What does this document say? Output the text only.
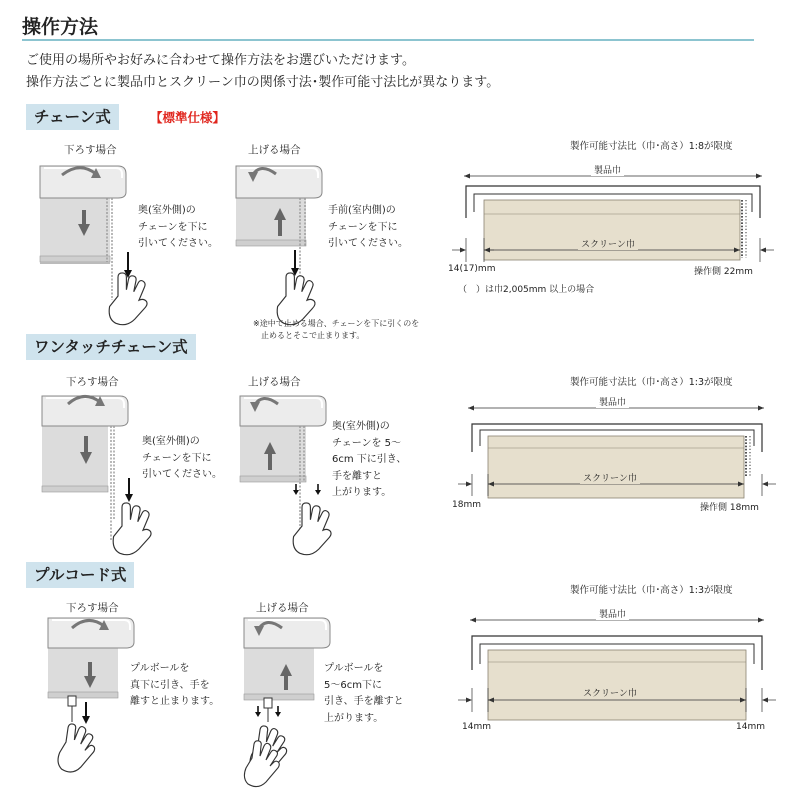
操作方法
ご使用の場所やお好みに合わせて操作方法をお選びいただけます。
操作方法ごとに製品巾とスクリーン巾の関係寸法･製作可能寸法比が異なります。
チェーン式	【標準仕様】
ワンタッチチェーン式
プルコード式
下ろす場合
奥(室外側)の
チェーンを下に
引いてください。
上げる場合
手前(室内側)の
チェーンを下に
引いてください。
※途中で止める場合、チェーンを下に引くのを
止めるとそこで止まります。
製作可能寸法比（巾･高さ）1:8が限度
製品巾
スクリーン巾
14(17)mm	操作側 22mm
（　）は巾2,005mm 以上の場合
下ろす場合
奥(室外側)の
チェーンを下に
引いてください。
上げる場合
奥(室外側)の
チェーンを 5～
6cm 下に引き、
手を離すと
上がります。
製作可能寸法比（巾･高さ）1:3が限度
製品巾
スクリーン巾
18mm	操作側 18mm
下ろす場合
プルボールを
真下に引き、手を
離すと止まります。
上げる場合
プルボールを
5～6cm下に
引き、手を離すと
上がります。
製作可能寸法比（巾･高さ）1:3が限度
製品巾
スクリーン巾
14mm	14mm
